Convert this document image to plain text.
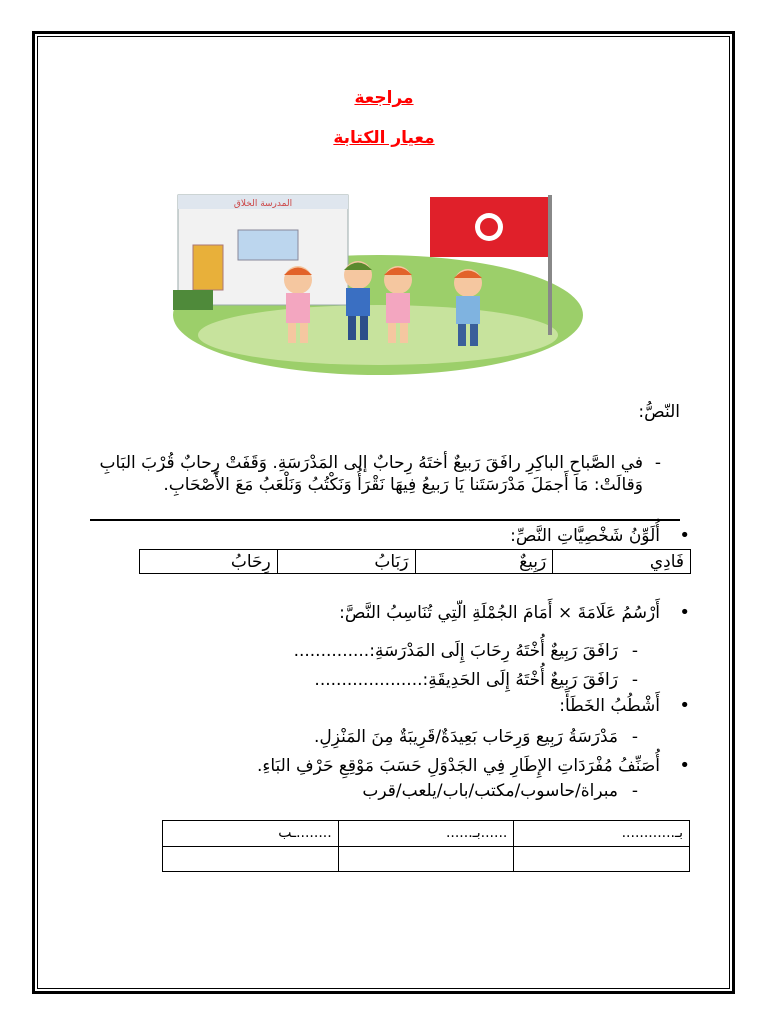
مراجعة
معيار الكتابة
المدرسة الخلاق
النّصُّ:
-
في الصَّباحِ الباكِرِ رافَقَ رَبيعٌ أختَهُ رِحابٌ إلى المَدْرَسَةِ. وَقَفَتْ رِحابٌ قُرْبَ البَابِ وَقالَتْ: مَا أَجمَلَ مَدْرَسَتَنا يَا رَبيعُ فِيهَا نَقْرَأُ وَنَكْتُبُ وَنَلْعَبُ مَعَ الأَصْحَابِ.
• أُلَوِّنُ شَخْصِيَّاتِ النَّصِّ:
فَادِي	رَبِيعٌ	رَبَابُ	رِحَابُ
• أَرْسُمُ عَلَامَةَ × أَمَامَ الجُمْلَةِ الّتِي تُنَاسِبُ النَّصَّ:
- رَافَقَ رَبِيعٌ أُخْتَهُ رِحَابَ إِلَى المَدْرَسَةِ:..............
- رَافَقَ رَبِيعٌ أُخْتَهُ إِلَى الحَدِيقَةِ:....................
• أَشْطُبُ الخَطَأَ:
- مَدْرَسَةُ رَبِيع وَرِحَاب بَعِيدَةٌ/قَرِيبَةٌ مِنَ المَنْزِلِ.
• أُصَنِّفُ مُفْرَدَاتِ الإِطَارِ فِي الجَدْوَلِ حَسَبَ مَوْقِعِ حَرْفِ البَاءِ.
- مبراة/حاسوب/مكتب/باب/يلعب/قرب
بـ............	......بـ......	........ـب
